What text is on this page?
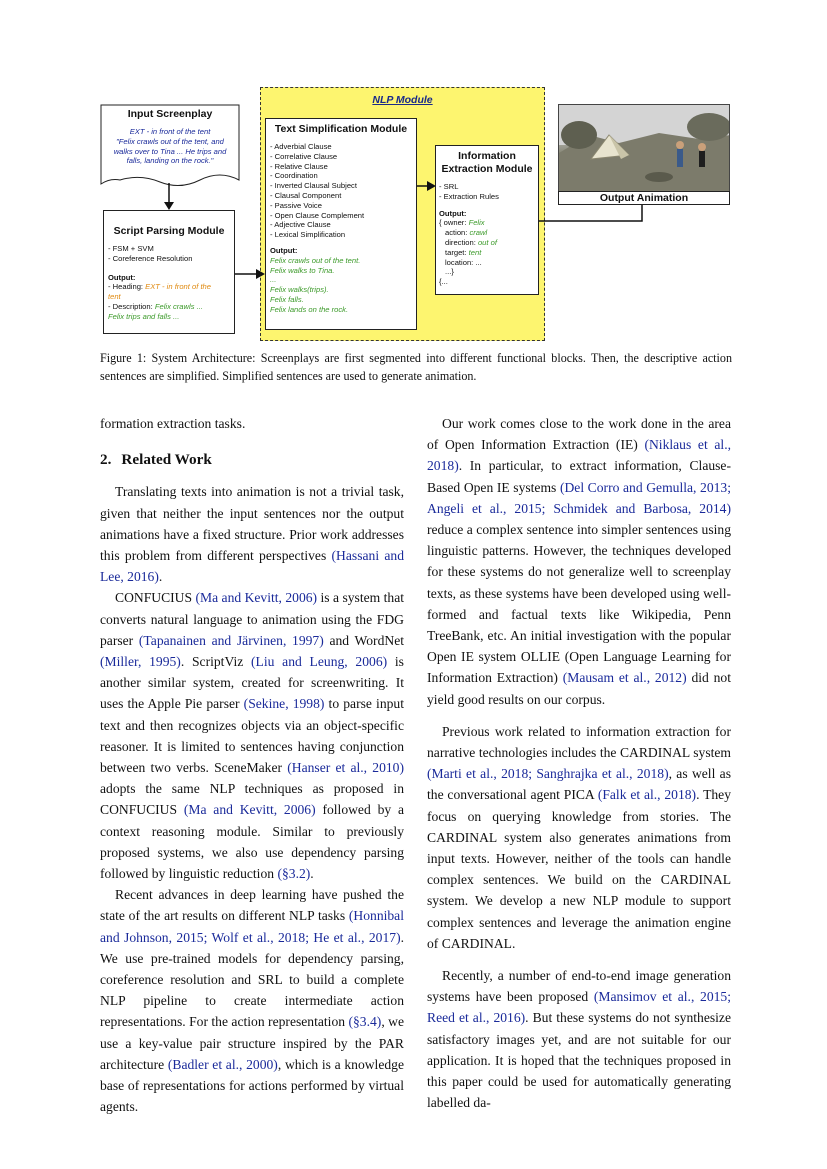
Input Screenplay
EXT - in front of the tent
"Felix crawls out of the tent, and
walks over to Tina ... He trips and
falls, landing on the rock."
Script Parsing Module
- FSM + SVM
- Coreference Resolution
Output:
- Heading: EXT - in front of the
tent
- Description: Felix crawls ...
Felix trips and falls ...
NLP Module
Text Simplification Module
- Adverbial Clause
- Correlative Clause
- Relative Clause
- Coordination
- Inverted Clausal Subject
- Clausal Component
- Passive Voice
- Open Clause Complement
- Adjective Clause
- Lexical Simplification
Output:
Felix crawls out of the tent.
Felix walks to Tina.
...
Felix walks(trips).
Felix falls.
Felix lands on the rock.
Information
Extraction Module
- SRL
- Extraction Rules
Output:
{ owner: Felix
action: crawl
direction: out of
target: tent
location: ...
...}
{...
Output Animation
Figure 1: System Architecture: Screenplays are first segmented into different functional blocks. Then, the descriptive action sentences are simplified. Simplified sentences are used to generate animation.

formation extraction tasks.

2. Related Work

Translating texts into animation is not a trivial task, given that neither the input sentences nor the output animations have a fixed structure. Prior work addresses this problem from different perspectives (Hassani and Lee, 2016).

CONFUCIUS (Ma and Kevitt, 2006) is a system that converts natural language to animation using the FDG parser (Tapanainen and Järvinen, 1997) and WordNet (Miller, 1995). ScriptViz (Liu and Leung, 2006) is another similar system, created for screenwriting. It uses the Apple Pie parser (Sekine, 1998) to parse input text and then recognizes objects via an object-specific reasoner. It is limited to sentences having conjunction between two verbs. SceneMaker (Hanser et al., 2010) adopts the same NLP techniques as proposed in CONFUCIUS (Ma and Kevitt, 2006) followed by a context reasoning module. Similar to previously proposed systems, we also use dependency parsing followed by linguistic reduction (§3.2).

Recent advances in deep learning have pushed the state of the art results on different NLP tasks (Honnibal and Johnson, 2015; Wolf et al., 2018; He et al., 2017). We use pre-trained models for dependency parsing, coreference resolution and SRL to build a complete NLP pipeline to create intermediate action representations. For the action representation (§3.4), we use a key-value pair structure inspired by the PAR architecture (Badler et al., 2000), which is a knowledge base of representations for actions performed by virtual agents.

Our work comes close to the work done in the area of Open Information Extraction (IE) (Niklaus et al., 2018). In particular, to extract information, Clause-Based Open IE systems (Del Corro and Gemulla, 2013; Angeli et al., 2015; Schmidek and Barbosa, 2014) reduce a complex sentence into simpler sentences using linguistic patterns. However, the techniques developed for these systems do not generalize well to screenplay texts, as these systems have been developed using well-formed and factual texts like Wikipedia, Penn TreeBank, etc. An initial investigation with the popular Open IE system OLLIE (Open Language Learning for Information Extraction) (Mausam et al., 2012) did not yield good results on our corpus.

Previous work related to information extraction for narrative technologies includes the CARDINAL system (Marti et al., 2018; Sanghrajka et al., 2018), as well as the conversational agent PICA (Falk et al., 2018). They focus on querying knowledge from stories. The CARDINAL system also generates animations from input texts. However, neither of the tools can handle complex sentences. We build on the CARDINAL system. We develop a new NLP module to support complex sentences and leverage the animation engine of CARDINAL.

Recently, a number of end-to-end image generation systems have been proposed (Mansimov et al., 2015; Reed et al., 2016). But these systems do not synthesize satisfactory images yet, and are not suitable for our application. It is hoped that the techniques proposed in this paper could be used for automatically generating labelled da-
